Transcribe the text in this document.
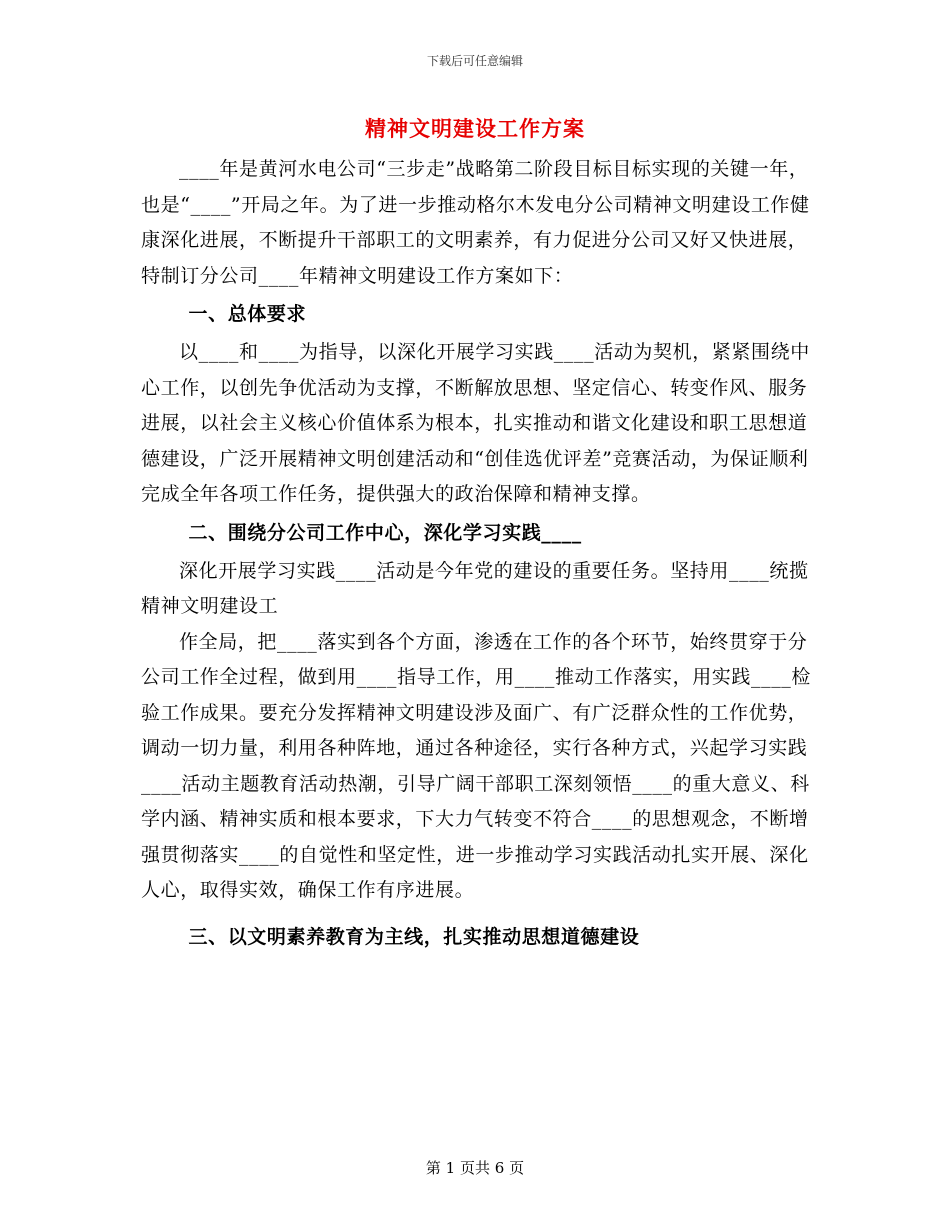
下载后可任意编辑
精神文明建设工作方案

____年是黄河水电公司“三步走”战略第二阶段目标目标实现的关键一年，也是“____”开局之年。为了进一步推动格尔木发电分公司精神文明建设工作健康深化进展，不断提升干部职工的文明素养，有力促进分公司又好又快进展，特制订分公司____年精神文明建设工作方案如下：

一、总体要求

以____和____为指导，以深化开展学习实践____活动为契机，紧紧围绕中心工作，以创先争优活动为支撑，不断解放思想、坚定信心、转变作风、服务进展，以社会主义核心价值体系为根本，扎实推动和谐文化建设和职工思想道德建设，广泛开展精神文明创建活动和“创佳选优评差”竞赛活动，为保证顺利完成全年各项工作任务，提供强大的政治保障和精神支撑。

二、围绕分公司工作中心，深化学习实践____

深化开展学习实践____活动是今年党的建设的重要任务。坚持用____统揽精神文明建设工

作全局，把____落实到各个方面，渗透在工作的各个环节，始终贯穿于分公司工作全过程，做到用____指导工作，用____推动工作落实，用实践____检验工作成果。要充分发挥精神文明建设涉及面广、有广泛群众性的工作优势，调动一切力量，利用各种阵地，通过各种途径，实行各种方式，兴起学习实践____活动主题教育活动热潮，引导广阔干部职工深刻领悟____的重大意义、科学内涵、精神实质和根本要求，下大力气转变不符合____的思想观念，不断增强贯彻落实____的自觉性和坚定性，进一步推动学习实践活动扎实开展、深化人心，取得实效，确保工作有序进展。

三、以文明素养教育为主线，扎实推动思想道德建设
第 1 页共 6 页
